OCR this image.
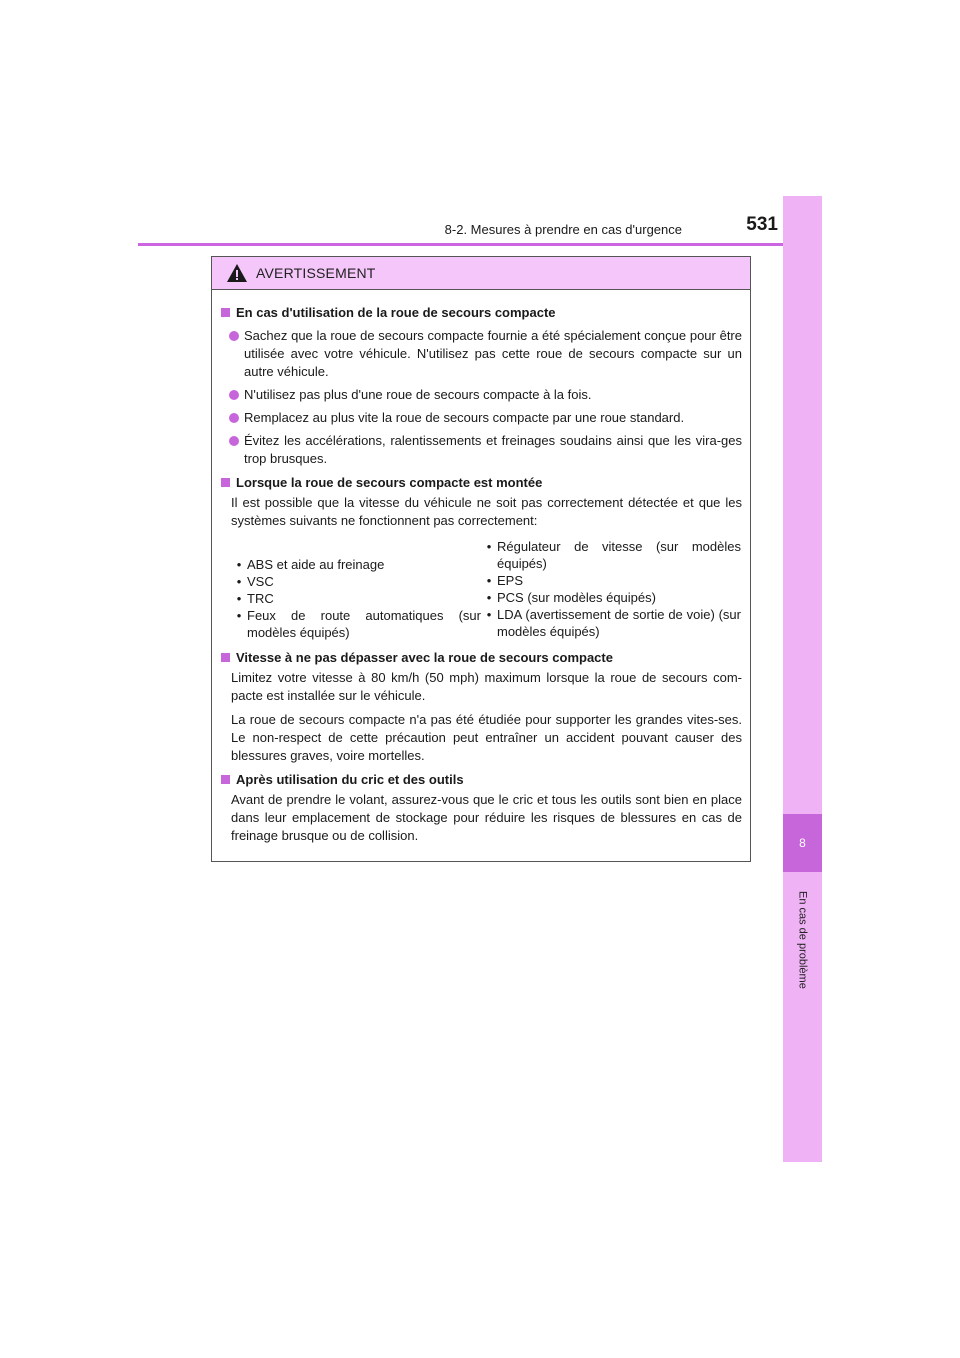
8-2. Mesures à prendre en cas d'urgence	531
8
En cas de problème
AVERTISSEMENT
En cas d'utilisation de la roue de secours compacte
Sachez que la roue de secours compacte fournie a été spécialement conçue pour être utilisée avec votre véhicule. N'utilisez pas cette roue de secours compacte sur un autre véhicule.
N'utilisez pas plus d'une roue de secours compacte à la fois.
Remplacez au plus vite la roue de secours compacte par une roue standard.
Évitez les accélérations, ralentissements et freinages soudains ainsi que les vira-ges trop brusques.
Lorsque la roue de secours compacte est montée
Il est possible que la vitesse du véhicule ne soit pas correctement détectée et que les systèmes suivants ne fonctionnent pas correctement:
• ABS et aide au freinage
• VSC
• TRC
• Feux de route automatiques (sur modèles équipés)
• Régulateur de vitesse (sur modèles équipés)
• EPS
• PCS (sur modèles équipés)
• LDA (avertissement de sortie de voie) (sur modèles équipés)
Vitesse à ne pas dépasser avec la roue de secours compacte
Limitez votre vitesse à 80 km/h (50 mph) maximum lorsque la roue de secours com-pacte est installée sur le véhicule.
La roue de secours compacte n'a pas été étudiée pour supporter les grandes vites-ses. Le non-respect de cette précaution peut entraîner un accident pouvant causer des blessures graves, voire mortelles.
Après utilisation du cric et des outils
Avant de prendre le volant, assurez-vous que le cric et tous les outils sont bien en place dans leur emplacement de stockage pour réduire les risques de blessures en cas de freinage brusque ou de collision.
